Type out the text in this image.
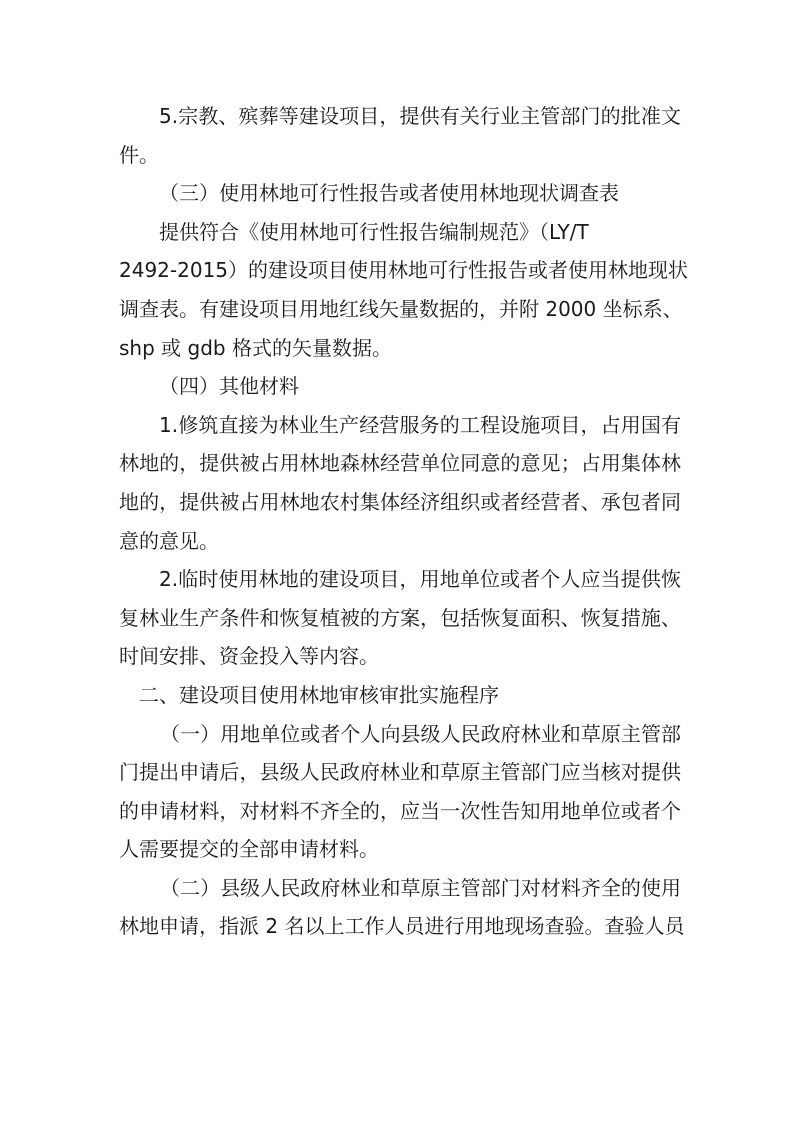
5.宗教、殡葬等建设项目，提供有关行业主管部门的批准文
件。

（三）使用林地可行性报告或者使用林地现状调查表

提供符合《使用林地可行性报告编制规范》（LY/T
2492-2015）的建设项目使用林地可行性报告或者使用林地现状
调查表。有建设项目用地红线矢量数据的，并附 2000 坐标系、
shp 或 gdb 格式的矢量数据。

（四）其他材料

1.修筑直接为林业生产经营服务的工程设施项目，占用国有
林地的，提供被占用林地森林经营单位同意的意见；占用集体林
地的，提供被占用林地农村集体经济组织或者经营者、承包者同
意的意见。

2.临时使用林地的建设项目，用地单位或者个人应当提供恢
复林业生产条件和恢复植被的方案，包括恢复面积、恢复措施、
时间安排、资金投入等内容。

二、建设项目使用林地审核审批实施程序

（一）用地单位或者个人向县级人民政府林业和草原主管部
门提出申请后，县级人民政府林业和草原主管部门应当核对提供
的申请材料，对材料不齐全的，应当一次性告知用地单位或者个
人需要提交的全部申请材料。

（二）县级人民政府林业和草原主管部门对材料齐全的使用
林地申请，指派 2 名以上工作人员进行用地现场查验。查验人员
